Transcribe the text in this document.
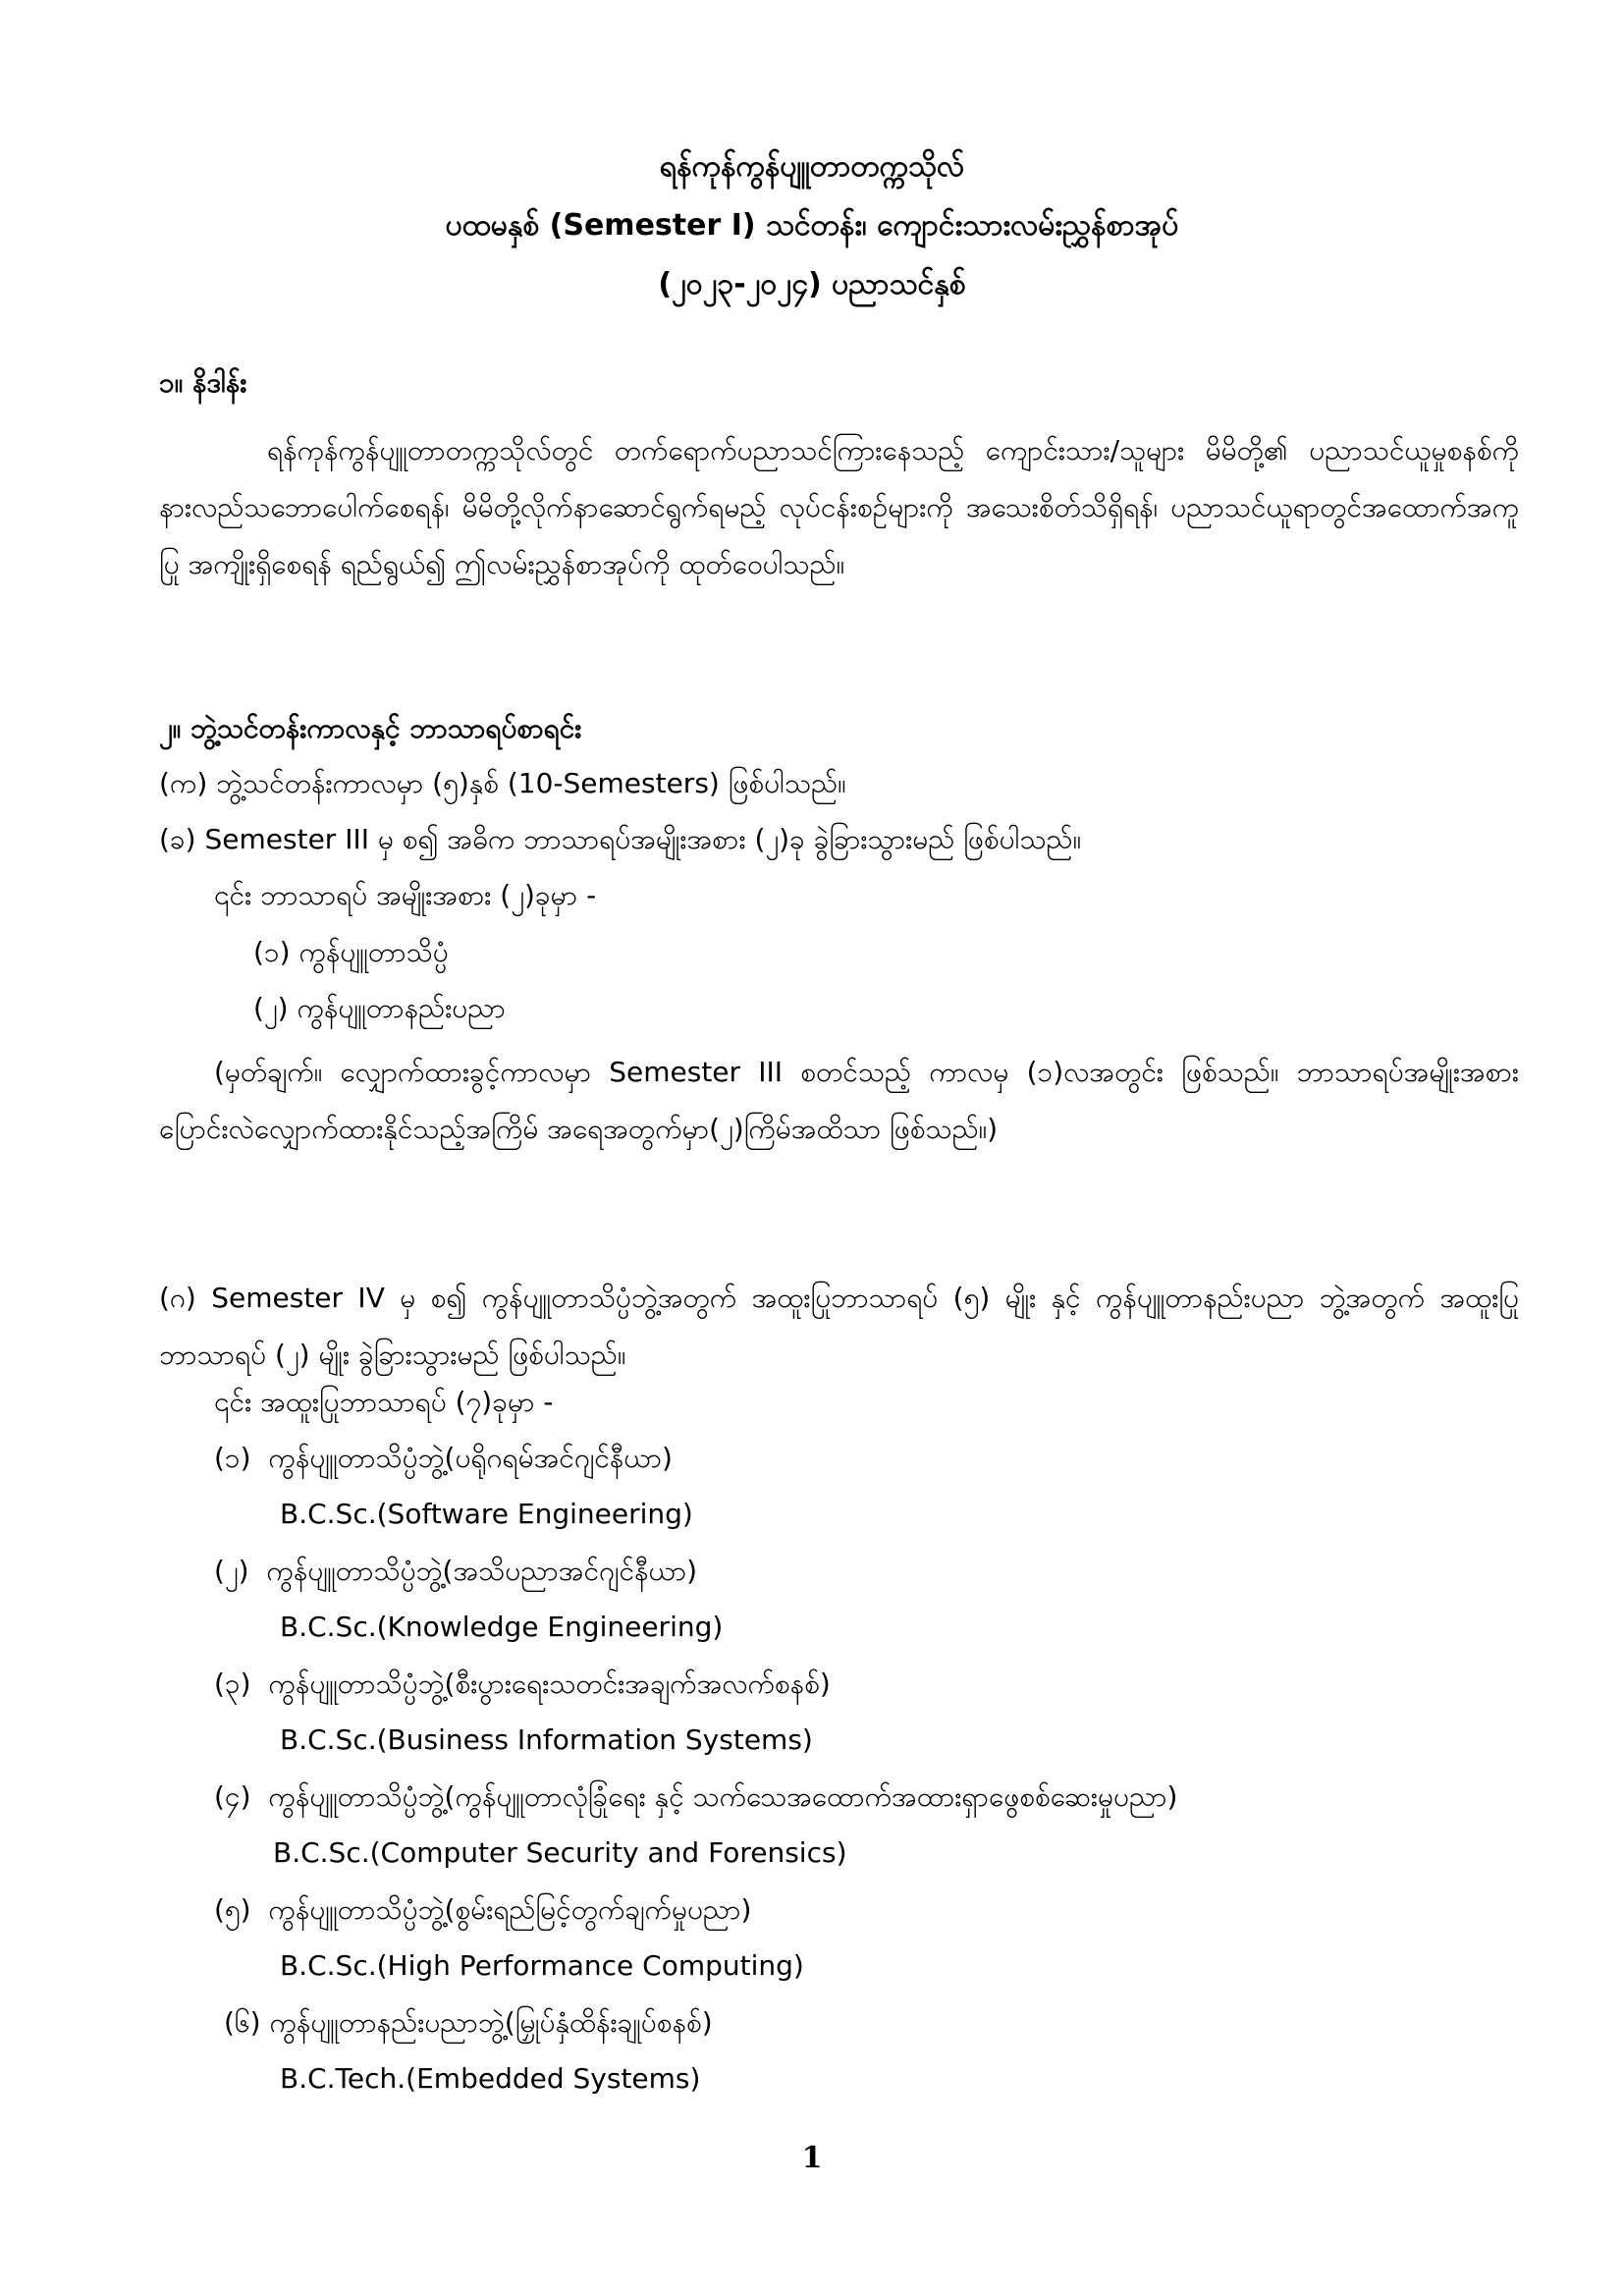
ရန်ကုန်ကွန်ပျူတာတက္ကသိုလ်
ပထမနှစ် (Semester I) သင်တန်း၊ ကျောင်းသားလမ်းညွှန်စာအုပ်
(၂၀၂၃-၂၀၂၄) ပညာသင်နှစ်
၁။ နိဒါန်း
ရန်ကုန်ကွန်ပျူတာတက္ကသိုလ်တွင် တက်ရောက်ပညာသင်ကြားနေသည့် ကျောင်းသား/သူများ မိမိတို့၏ ပညာသင်ယူမှုစနစ်ကို နားလည်သဘောပေါက်စေရန်၊ မိမိတို့လိုက်နာဆောင်ရွက်ရမည့် လုပ်ငန်းစဉ်များကို အသေးစိတ်သိရှိရန်၊ ပညာသင်ယူရာတွင်အထောက်အကူပြု အကျိုးရှိစေရန် ရည်ရွယ်၍ ဤလမ်းညွှန်စာအုပ်ကို ထုတ်ဝေပါသည်။
၂။ ဘွဲ့သင်တန်းကာလနှင့် ဘာသာရပ်စာရင်း
(က) ဘွဲ့သင်တန်းကာလမှာ (၅)နှစ် (10-Semesters) ဖြစ်ပါသည်။
(ခ) Semester III မှ စ၍ အဓိက ဘာသာရပ်အမျိုးအစား (၂)ခု ခွဲခြားသွားမည် ဖြစ်ပါသည်။
၎င်း ဘာသာရပ် အမျိုးအစား (၂)ခုမှာ -
(၁) ကွန်ပျူတာသိပ္ပံ
(၂) ကွန်ပျူတာနည်းပညာ
(မှတ်ချက်။ လျှောက်ထားခွင့်ကာလမှာ Semester III စတင်သည့် ကာလမှ (၁)လအတွင်း ဖြစ်သည်။ ဘာသာရပ်အမျိုးအစား ပြောင်းလဲလျှောက်ထားနိုင်သည့်အကြိမ် အရေအတွက်မှာ(၂)ကြိမ်အထိသာ ဖြစ်သည်။)
(ဂ) Semester IV မှ စ၍ ကွန်ပျူတာသိပ္ပံဘွဲ့အတွက် အထူးပြုဘာသာရပ် (၅) မျိုး နှင့် ကွန်ပျူတာနည်းပညာ ဘွဲ့အတွက် အထူးပြုဘာသာရပ် (၂) မျိုး ခွဲခြားသွားမည် ဖြစ်ပါသည်။
၎င်း အထူးပြုဘာသာရပ် (၇)ခုမှာ -
(၁) ကွန်ပျူတာသိပ္ပံဘွဲ့(ပရိုဂရမ်အင်ဂျင်နီယာ)
B.C.Sc.(Software Engineering)
(၂) ကွန်ပျူတာသိပ္ပံဘွဲ့(အသိပညာအင်ဂျင်နီယာ)
B.C.Sc.(Knowledge Engineering)
(၃) ကွန်ပျူတာသိပ္ပံဘွဲ့(စီးပွားရေးသတင်းအချက်အလက်စနစ်)
B.C.Sc.(Business Information Systems)
(၄) ကွန်ပျူတာသိပ္ပံဘွဲ့(ကွန်ပျူတာလုံခြုံရေး နှင့် သက်သေအထောက်အထားရှာဖွေစစ်ဆေးမှုပညာ)
B.C.Sc.(Computer Security and Forensics)
(၅) ကွန်ပျူတာသိပ္ပံဘွဲ့(စွမ်းရည်မြင့်တွက်ချက်မှုပညာ)
B.C.Sc.(High Performance Computing)
(၆) ကွန်ပျူတာနည်းပညာဘွဲ့(မြှုပ်နှံထိန်းချုပ်စနစ်)
B.C.Tech.(Embedded Systems)
1
